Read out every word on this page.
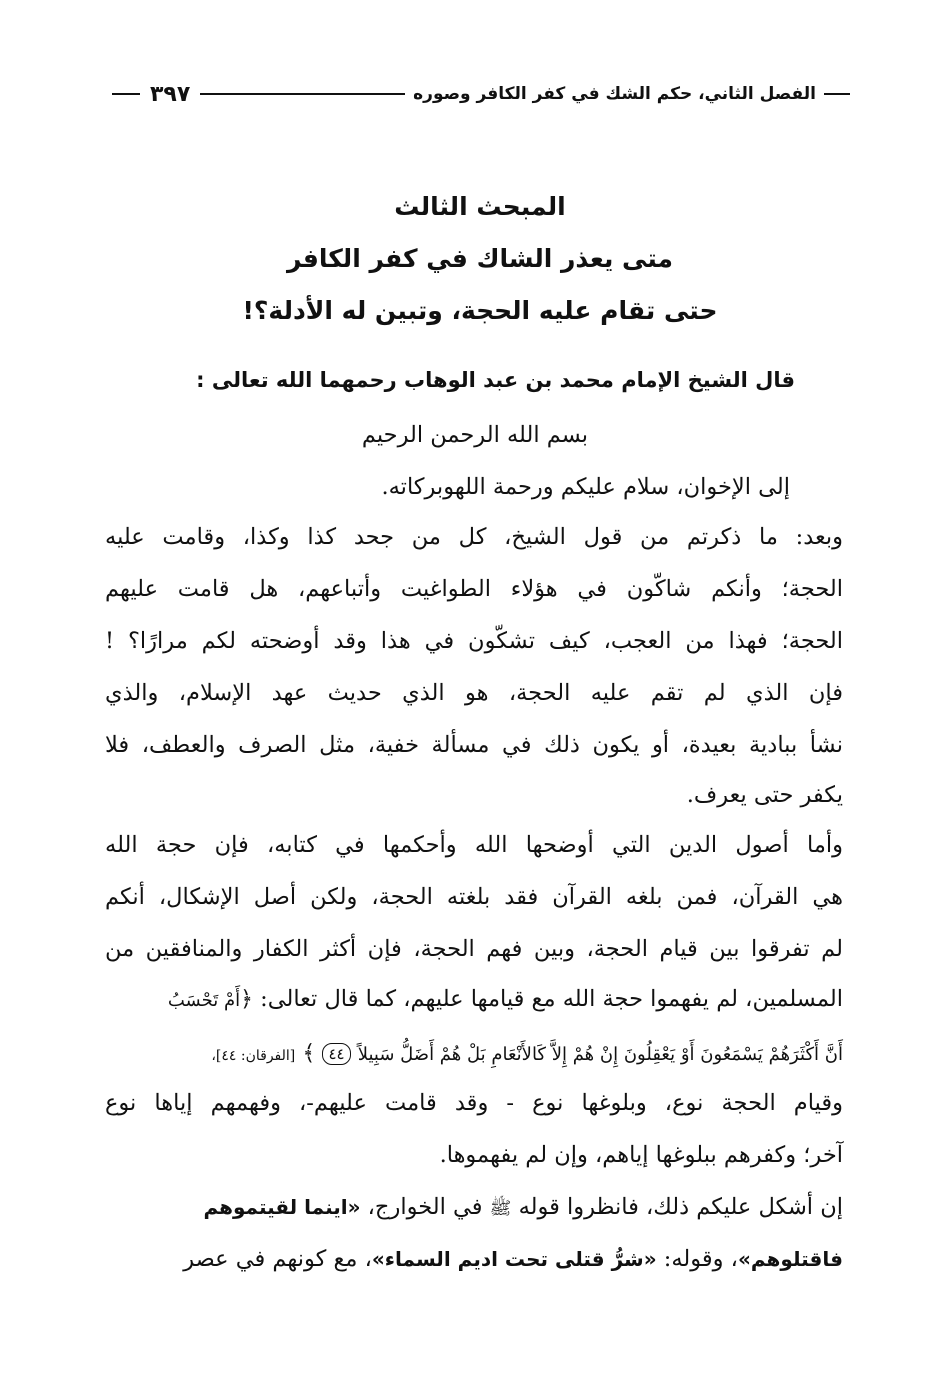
الفصل الثاني، حكم الشك في كفر الكافر وصوره
٣٩٧
المبحث الثالث
متى يعذر الشاك في كفر الكافر
حتى تقام عليه الحجة، وتبين له الأدلة؟!
قال الشيخ الإمام محمد بن عبد الوهاب رحمهما الله تعالى :
بسم الله الرحمن الرحيم
إلى الإخوان، سلام عليكم ورحمة اللهوبركاته.
وبعد: ما ذكرتم من قول الشيخ، كل من جحد كذا وكذا، وقامت عليه
الحجة؛ وأنكم شاكّون في هؤلاء الطواغيت وأتباعهم، هل قامت عليهم
الحجة؛ فهذا من العجب، كيف تشكّون في هذا وقد أوضحته لكم مرارًا؟ !
فإن الذي لم تقم عليه الحجة، هو الذي حديث عهد الإسلام، والذي
نشأ ببادية بعيدة، أو يكون ذلك في مسألة خفية، مثل الصرف والعطف، فلا
يكفر حتى يعرف.
وأما أصول الدين التي أوضحها الله وأحكمها في كتابه، فإن حجة الله
هي القرآن، فمن بلغه القرآن فقد بلغته الحجة، ولكن أصل الإشكال، أنكم
لم تفرقوا بين قيام الحجة، وبين فهم الحجة، فإن أكثر الكفار والمنافقين من
المسلمين، لم يفهموا حجة الله مع قيامها عليهم، كما قال تعالى: ﴿أَمْ تَحْسَبُ
أَنَّ أَكْثَرَهُمْ يَسْمَعُونَ أَوْ يَعْقِلُونَ إِنْ هُمْ إِلاَّ كَالأَنْعَامِ بَلْ هُمْ أَضَلُّ سَبِيلاً ٤٤ ﴾ [الفرقان: ٤٤]،
وقيام الحجة نوع، وبلوغها نوع - وقد قامت عليهم-، وفهمهم إياها نوع
آخر؛ وكفرهم ببلوغها إياهم، وإن لم يفهموها.
إن أشكل عليكم ذلك، فانظروا قوله ﷺ في الخوارج، «اينما لقيتموهم
فاقتلوهم»، وقوله: «شرُّ قتلى تحت اديم السماء»، مع كونهم في عصر
